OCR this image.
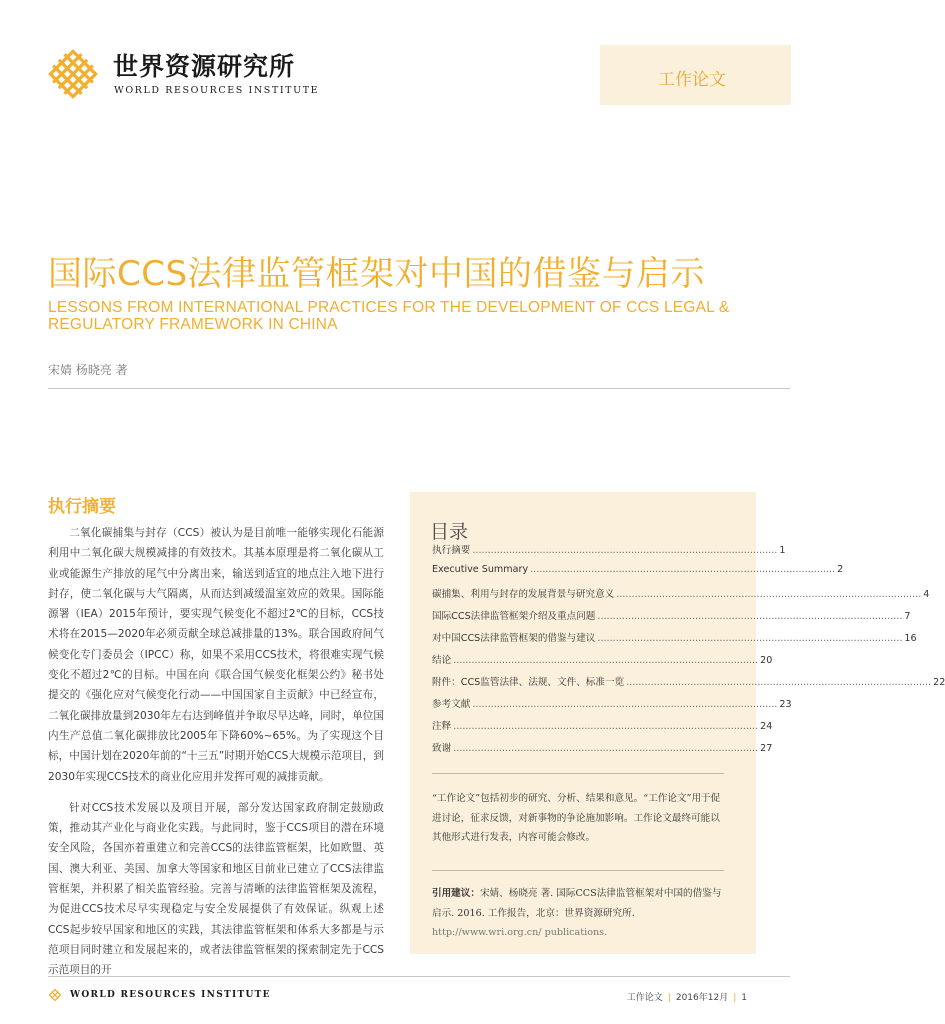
世界资源研究所
WORLD RESOURCES INSTITUTE
工作论文
国际CCS法律监管框架对中国的借鉴与启示
LESSONS FROM INTERNATIONAL PRACTICES FOR THE DEVELOPMENT OF CCS LEGAL & REGULATORY FRAMEWORK IN CHINA
宋婧 杨晓亮 著
执行摘要

二氧化碳捕集与封存（CCS）被认为是目前唯一能够实现化石能源利用中二氧化碳大规模减排的有效技术。其基本原理是将二氧化碳从工业或能源生产排放的尾气中分离出来，输送到适宜的地点注入地下进行封存，使二氧化碳与大气隔离，从而达到减缓温室效应的效果。国际能源署（IEA）2015年预计，要实现气候变化不超过2℃的目标，CCS技术将在2015—2020年必须贡献全球总减排量的13%。联合国政府间气候变化专门委员会（IPCC）称，如果不采用CCS技术，将很难实现气候变化不超过2℃的目标。中国在向《联合国气候变化框架公约》秘书处提交的《强化应对气候变化行动——中国国家自主贡献》中已经宣布，二氧化碳排放量到2030年左右达到峰值并争取尽早达峰，同时，单位国内生产总值二氧化碳排放比2005年下降60%~65%。为了实现这个目标，中国计划在2020年前的“十三五”时期开始CCS大规模示范项目，到2030年实现CCS技术的商业化应用并发挥可观的减排贡献。

针对CCS技术发展以及项目开展，部分发达国家政府制定鼓励政策，推动其产业化与商业化实践。与此同时，鉴于CCS项目的潜在环境安全风险，各国亦着重建立和完善CCS的法律监管框架，比如欧盟、英国、澳大利亚、美国、加拿大等国家和地区目前业已建立了CCS法律监管框架，并积累了相关监管经验。完善与清晰的法律监管框架及流程，为促进CCS技术尽早实现稳定与安全发展提供了有效保证。纵观上述CCS起步较早国家和地区的实践，其法律监管框架和体系大多都是与示范项目同时建立和发展起来的，或者法律监管框架的探索制定先于CCS示范项目的开

目录
执行摘要 .................................................................................................... 1
Executive Summary .................................................................................................... 2
碳捕集、利用与封存的发展背景与研究意义 .................................................................................................... 4
国际CCS法律监管框架介绍及重点问题 .................................................................................................... 7
对中国CCS法律监管框架的借鉴与建议 .................................................................................................... 16
结论 .................................................................................................... 20
附件：CCS监管法律、法规、文件、标准一览 .................................................................................................... 22
参考文献 .................................................................................................... 23
注释 .................................................................................................... 24
致谢 .................................................................................................... 27
“工作论文”包括初步的研究、分析、结果和意见。“工作论文”用于促进讨论，征求反馈，对新事物的争论施加影响。工作论文最终可能以其他形式进行发表，内容可能会修改。
引用建议：宋婧、杨晓亮 著. 国际CCS法律监管框架对中国的借鉴与启示. 2016. 工作报告，北京：世界资源研究所. http://www.wri.org.cn/ publications.
WORLD RESOURCES INSTITUTE	工作论文 | 2016年12月 | 1
